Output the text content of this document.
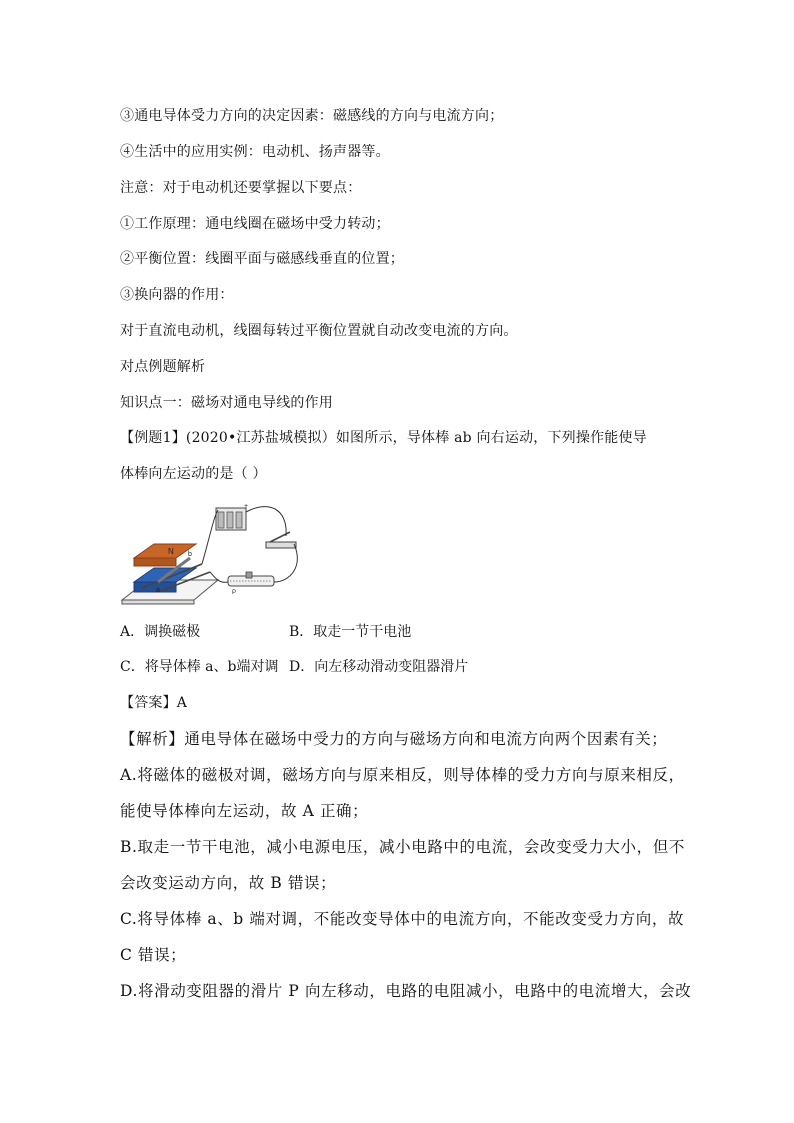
③通电导体受力方向的决定因素：磁感线的方向与电流方向；
④生活中的应用实例：电动机、扬声器等。
注意：对于电动机还要掌握以下要点：
①工作原理：通电线圈在磁场中受力转动；
②平衡位置：线圈平面与磁感线垂直的位置；
③换向器的作用：
对于直流电动机，线圈每转过平衡位置就自动改变电流的方向。
对点例题解析
知识点一：磁场对通电导线的作用
【例题1】(2020•江苏盐城模拟）如图所示，导体棒 ab 向右运动，下列操作能使导
体棒向左运动的是（ ）
N
a
b
+
P
A．调换磁极	B．取走一节干电池
C．将导体棒 a、b端对调 D．向左移动滑动变阻器滑片
【答案】A
【解析】通电导体在磁场中受力的方向与磁场方向和电流方向两个因素有关；
A.将磁体的磁极对调，磁场方向与原来相反，则导体棒的受力方向与原来相反，
能使导体棒向左运动，故 A 正确；
B.取走一节干电池，减小电源电压，减小电路中的电流，会改变受力大小，但不
会改变运动方向，故 B 错误；
C.将导体棒 a、b 端对调，不能改变导体中的电流方向，不能改变受力方向，故
C 错误；
D.将滑动变阻器的滑片 P 向左移动，电路的电阻减小，电路中的电流增大，会改
